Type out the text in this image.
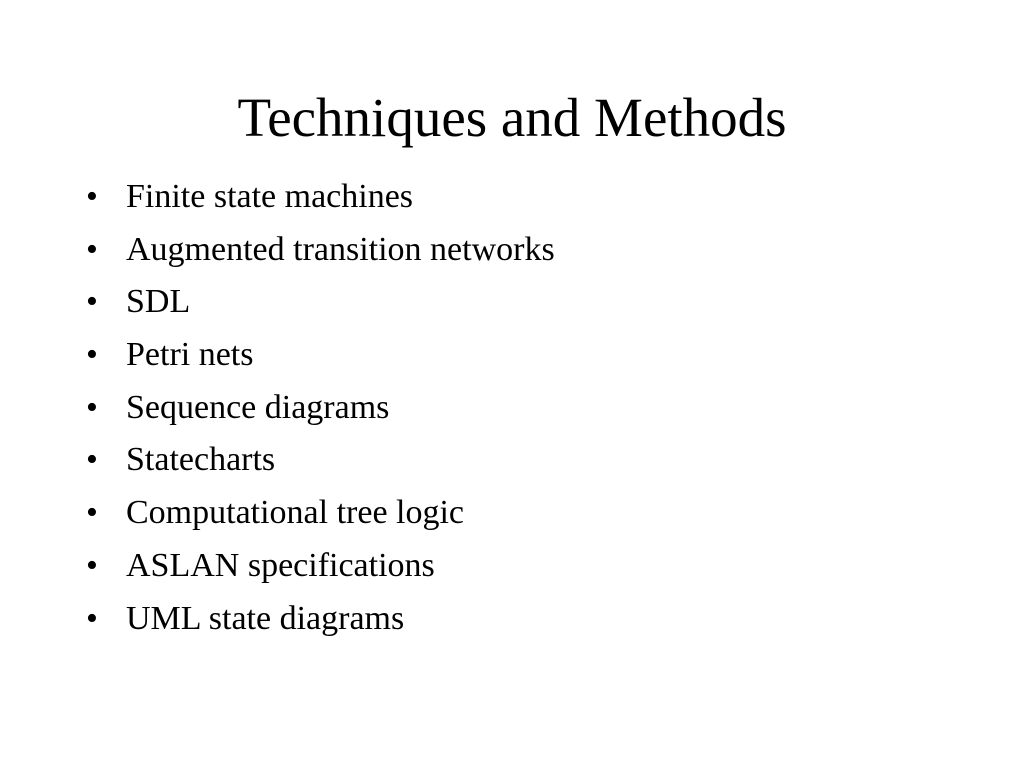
Techniques and Methods
• Finite state machines
• Augmented transition networks
• SDL
• Petri nets
• Sequence diagrams
• Statecharts
• Computational tree logic
• ASLAN specifications
• UML state diagrams
